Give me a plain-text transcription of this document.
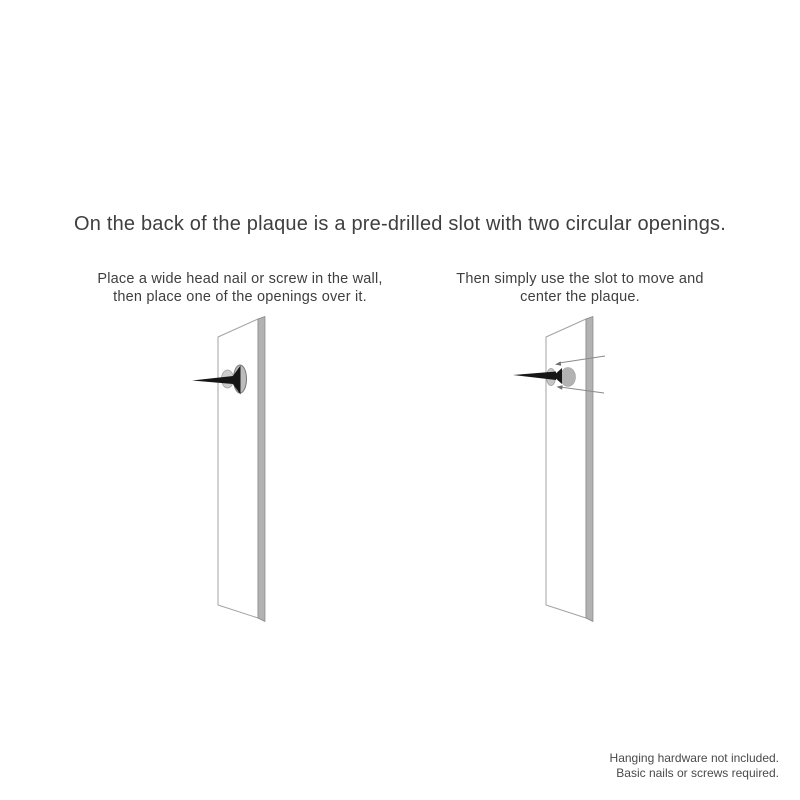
On the back of the plaque is a pre-drilled slot with two circular openings.
Place a wide head nail or screw in the wall,
then place one of the openings over it.
Then simply use the slot to move and
center the plaque.
Hanging hardware not included.
Basic nails or screws required.
